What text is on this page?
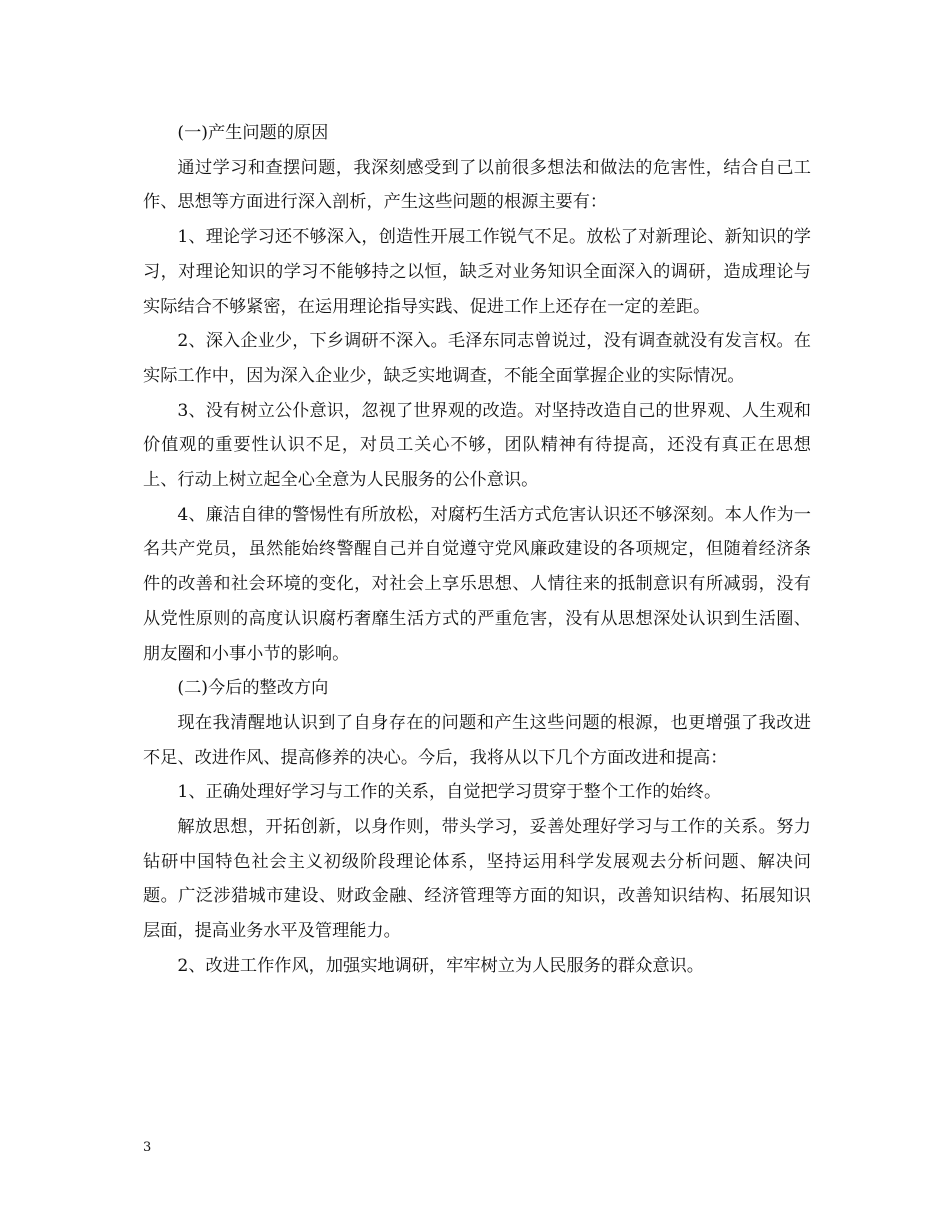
(一)产生问题的原因

通过学习和查摆问题，我深刻感受到了以前很多想法和做法的危害性，结合自己工作、思想等方面进行深入剖析，产生这些问题的根源主要有：

1、理论学习还不够深入，创造性开展工作锐气不足。放松了对新理论、新知识的学习，对理论知识的学习不能够持之以恒，缺乏对业务知识全面深入的调研，造成理论与实际结合不够紧密，在运用理论指导实践、促进工作上还存在一定的差距。

2、深入企业少，下乡调研不深入。毛泽东同志曾说过，没有调查就没有发言权。在实际工作中，因为深入企业少，缺乏实地调查，不能全面掌握企业的实际情况。

3、没有树立公仆意识，忽视了世界观的改造。对坚持改造自己的世界观、人生观和价值观的重要性认识不足，对员工关心不够，团队精神有待提高，还没有真正在思想上、行动上树立起全心全意为人民服务的公仆意识。

4、廉洁自律的警惕性有所放松，对腐朽生活方式危害认识还不够深刻。本人作为一名共产党员，虽然能始终警醒自己并自觉遵守党风廉政建设的各项规定，但随着经济条件的改善和社会环境的变化，对社会上享乐思想、人情往来的抵制意识有所减弱，没有从党性原则的高度认识腐朽奢靡生活方式的严重危害，没有从思想深处认识到生活圈、朋友圈和小事小节的影响。

(二)今后的整改方向

现在我清醒地认识到了自身存在的问题和产生这些问题的根源，也更增强了我改进不足、改进作风、提高修养的决心。今后，我将从以下几个方面改进和提高：

1、正确处理好学习与工作的关系，自觉把学习贯穿于整个工作的始终。

解放思想，开拓创新，以身作则，带头学习，妥善处理好学习与工作的关系。努力钻研中国特色社会主义初级阶段理论体系，坚持运用科学发展观去分析问题、解决问题。广泛涉猎城市建设、财政金融、经济管理等方面的知识，改善知识结构、拓展知识层面，提高业务水平及管理能力。

2、改进工作作风，加强实地调研，牢牢树立为人民服务的群众意识。

3
